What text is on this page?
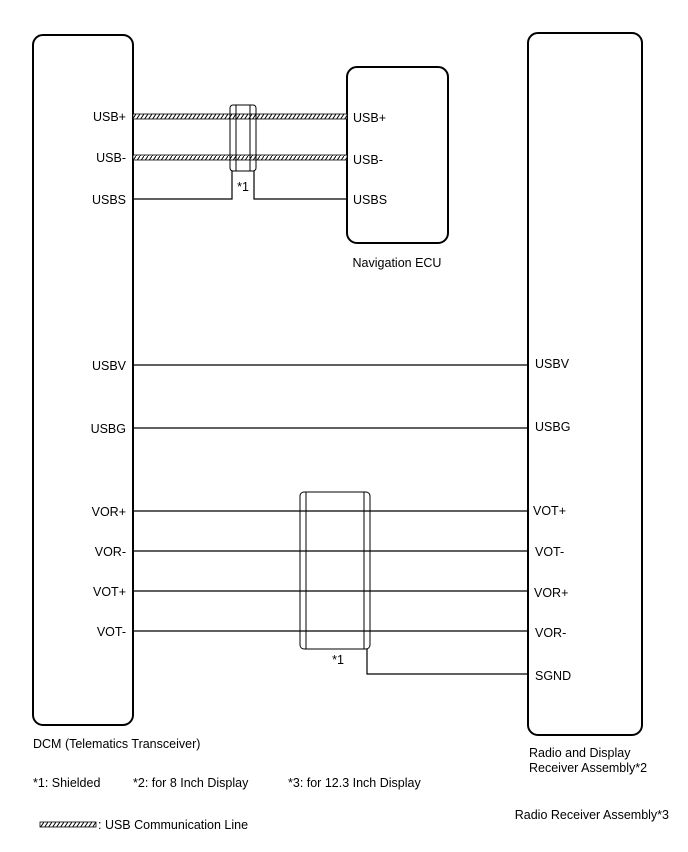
USB+
USB-
USBS
USBV
USBG
VOR+
VOR-
VOT+
VOT-
USB+
USB-
USBS
USBV
USBG
VOT+
VOT-
VOR+
VOR-
SGND
*1
*1
Navigation ECU
DCM (Telematics Transceiver)
Radio and Display
Receiver Assembly*2
Radio Receiver Assembly*3
*1: Shielded	*2: for 8 Inch Display	*3: for 12.3 Inch Display
: USB Communication Line
